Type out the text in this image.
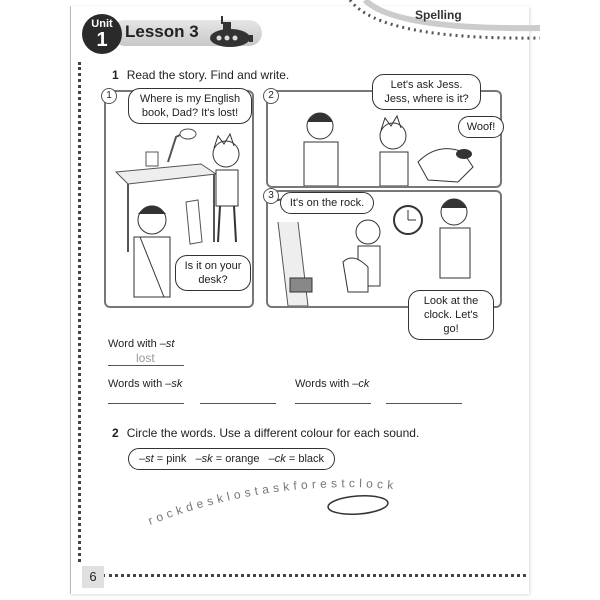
Spelling
Unit
1	Lesson 3
1 Read the story. Find and write.
1	Where is my English book, Dad? It's lost!
Is it on your desk?
2
Let's ask Jess. Jess, where is it?
Woof!
3
It's on the rock.
Look at the clock. Let's go!
Word with –st
lost
Words with –sk	Words with –ck
2 Circle the words. Use a different colour for each sound.
–st = pink –sk = orange –ck = black
rockdesklostaskforestclock
6
